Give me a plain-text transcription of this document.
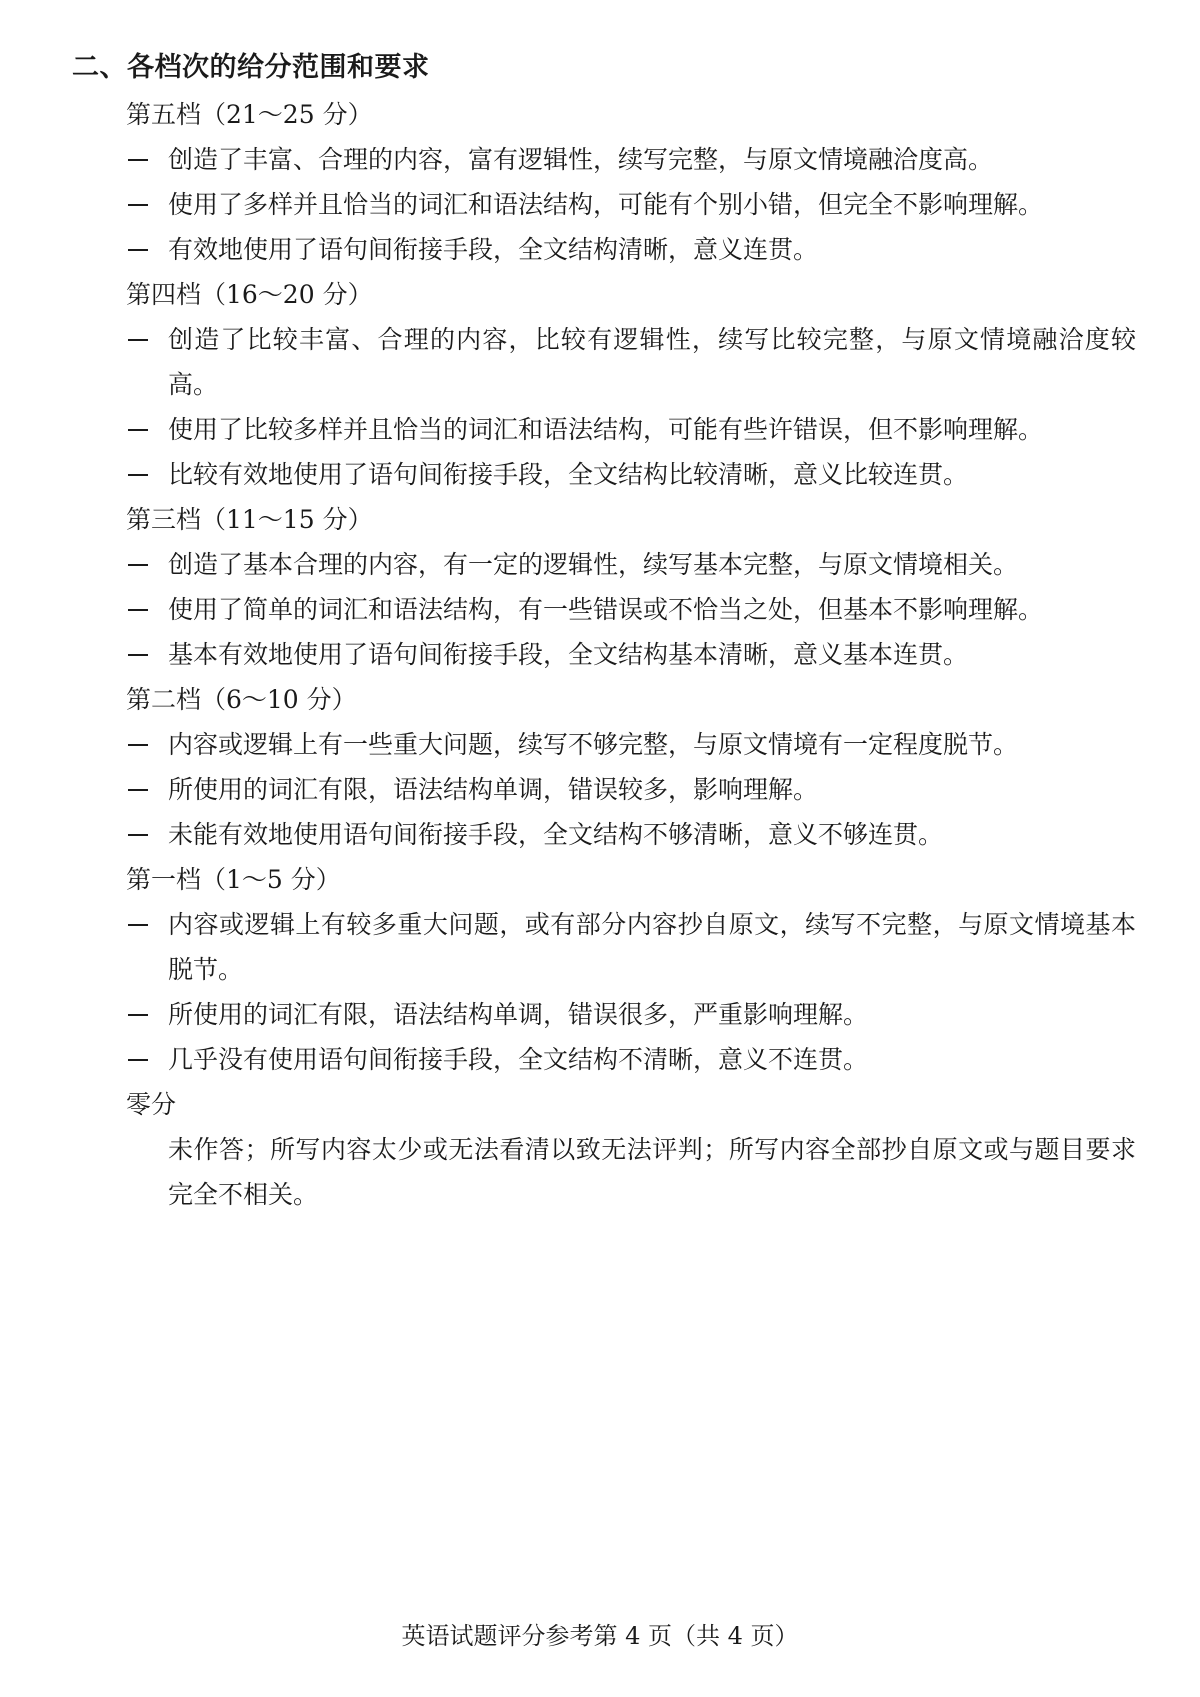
二、各档次的给分范围和要求
第五档（21～25 分）
创造了丰富、合理的内容，富有逻辑性，续写完整，与原文情境融洽度高。
使用了多样并且恰当的词汇和语法结构，可能有个别小错，但完全不影响理解。
有效地使用了语句间衔接手段，全文结构清晰，意义连贯。
第四档（16～20 分）
创造了比较丰富、合理的内容，比较有逻辑性，续写比较完整，与原文情境融洽度较高。
使用了比较多样并且恰当的词汇和语法结构，可能有些许错误，但不影响理解。
比较有效地使用了语句间衔接手段，全文结构比较清晰，意义比较连贯。
第三档（11～15 分）
创造了基本合理的内容，有一定的逻辑性，续写基本完整，与原文情境相关。
使用了简单的词汇和语法结构，有一些错误或不恰当之处，但基本不影响理解。
基本有效地使用了语句间衔接手段，全文结构基本清晰，意义基本连贯。
第二档（6～10 分）
内容或逻辑上有一些重大问题，续写不够完整，与原文情境有一定程度脱节。
所使用的词汇有限，语法结构单调，错误较多，影响理解。
未能有效地使用语句间衔接手段，全文结构不够清晰，意义不够连贯。
第一档（1～5 分）
内容或逻辑上有较多重大问题，或有部分内容抄自原文，续写不完整，与原文情境基本脱节。
所使用的词汇有限，语法结构单调，错误很多，严重影响理解。
几乎没有使用语句间衔接手段，全文结构不清晰，意义不连贯。
零分
未作答；所写内容太少或无法看清以致无法评判；所写内容全部抄自原文或与题目要求完全不相关。
英语试题评分参考第 4 页（共 4 页）
